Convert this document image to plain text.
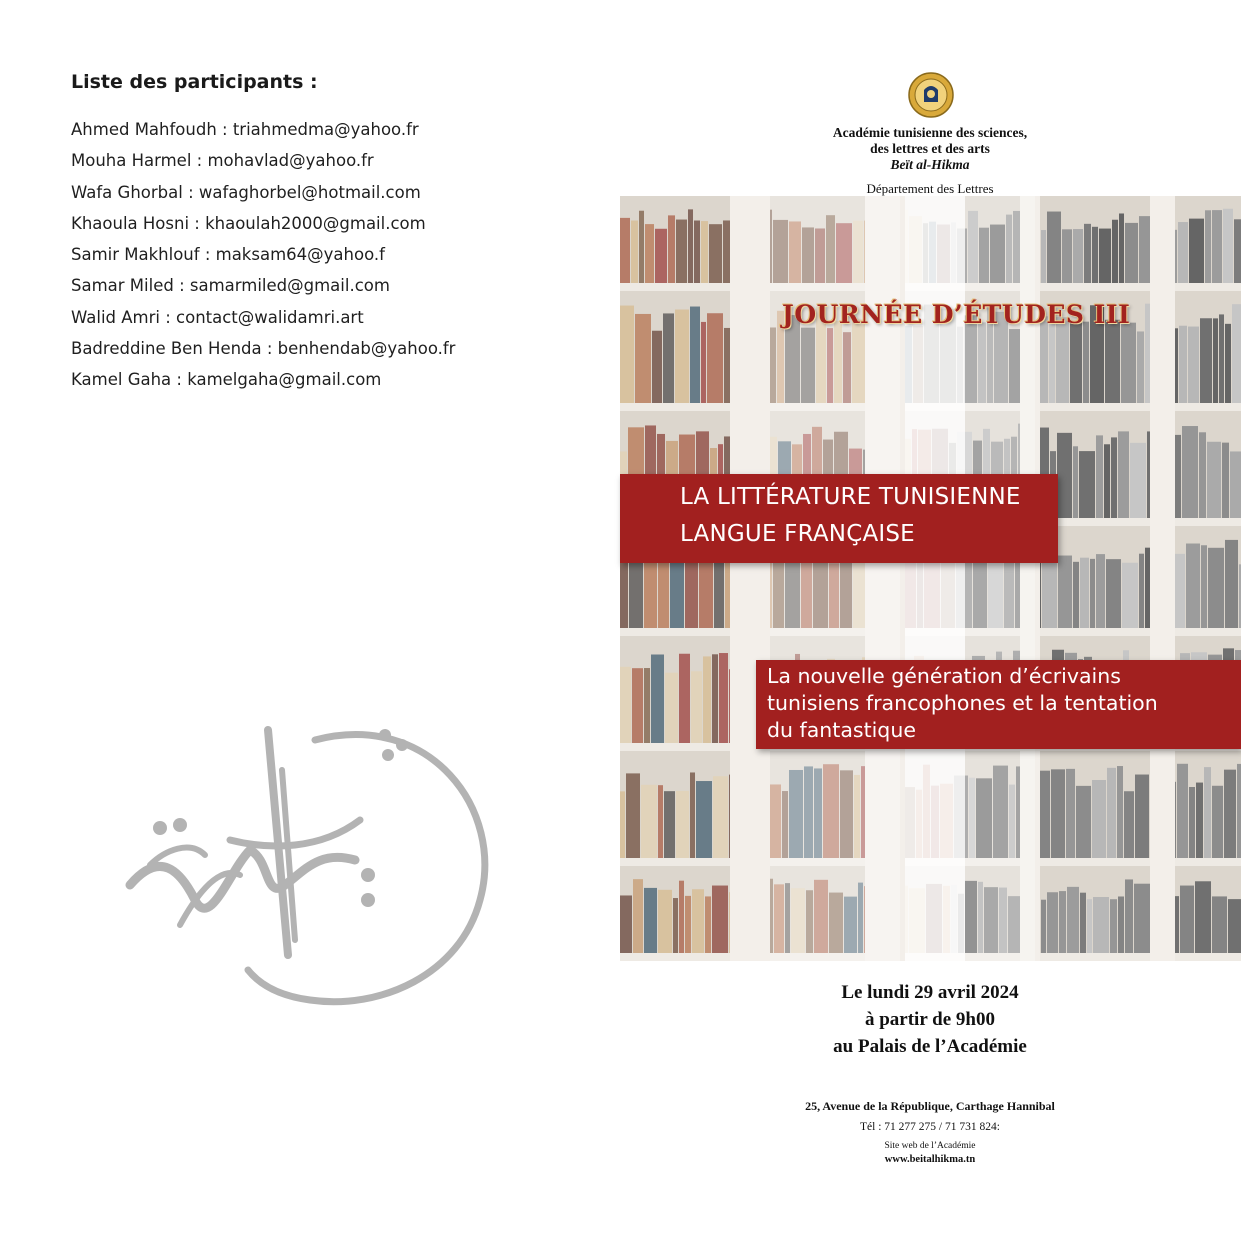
Liste des participants :
Ahmed Mahfoudh : triahmedma@yahoo.fr
Mouha Harmel : mohavlad@yahoo.fr
Wafa Ghorbal : wafaghorbel@hotmail.com
Khaoula Hosni : khaoulah2000@gmail.com
Samir Makhlouf : maksam64@yahoo.f
Samar Miled : samarmiled@gmail.com
Walid Amri : contact@walidamri.art
Badreddine Ben Henda : benhendab@yahoo.fr
Kamel Gaha : kamelgaha@gmail.com

Académie tunisienne des sciences,

des lettres et des arts

Beït al-Hikma

Département des Lettres

JOURNÉE D’ÉTUDES III
LA LITTÉRATURE TUNISIENNE
LANGUE FRANÇAISE
La nouvelle génération d’écrivains
tunisiens francophones et la tentation
du fantastique

Le lundi 29 avril 2024

à partir de 9h00

au Palais de l’Académie

25, Avenue de la République, Carthage Hannibal

Tél : 71 277 275 / 71 731 824:

Site web de l’Académie

www.beitalhikma.tn
